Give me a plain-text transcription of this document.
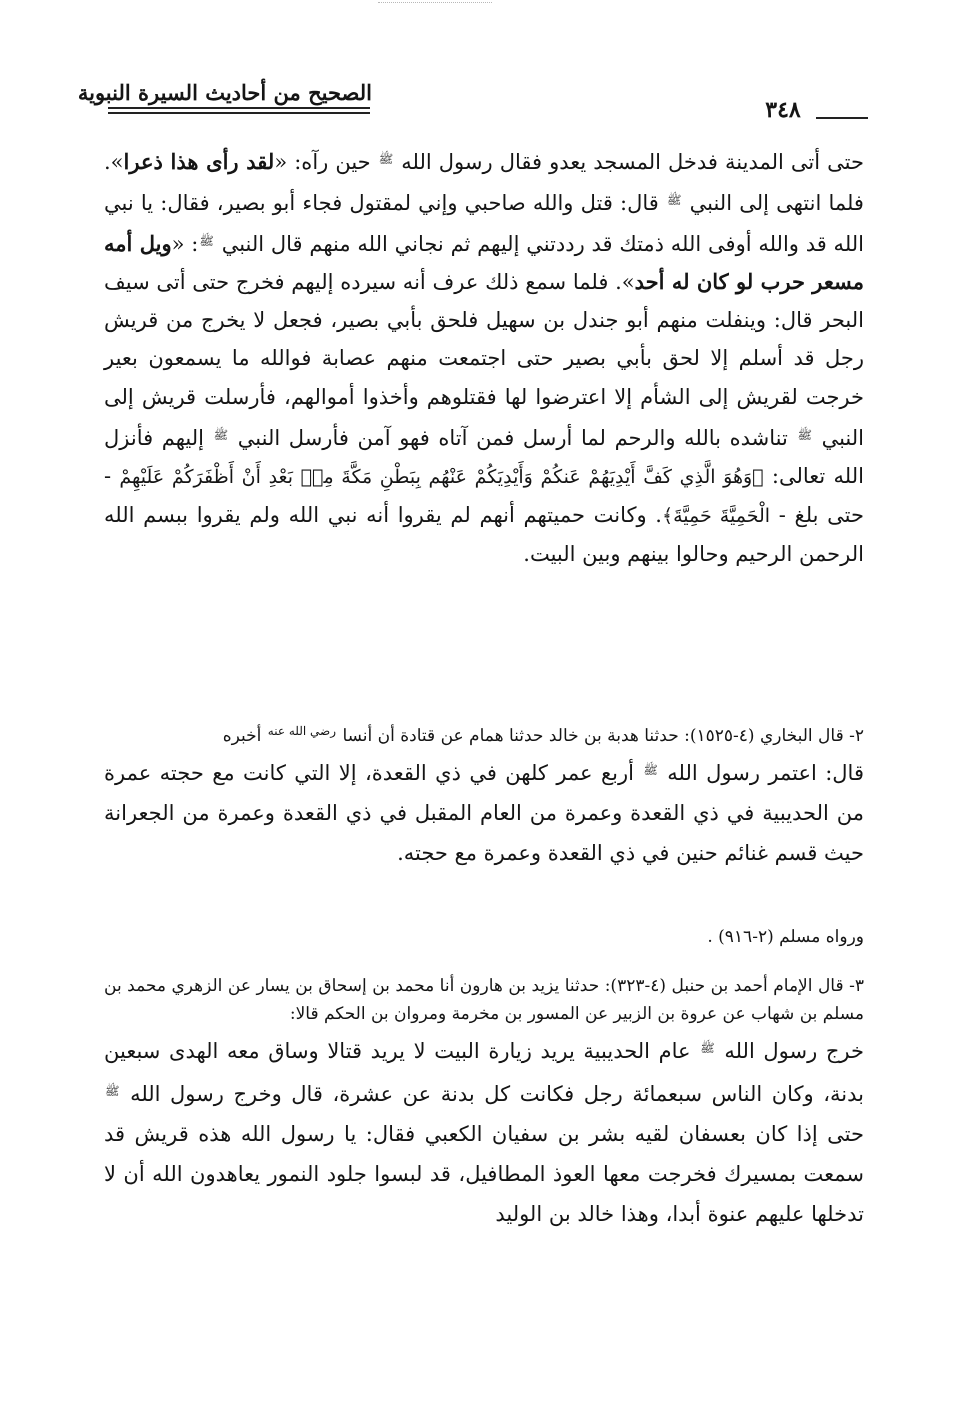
الصحيح من أحاديث السيرة النبوية
٣٤٨

حتى أتى المدينة فدخل المسجد يعدو فقال رسول الله $^ﷺ$ حين رآه: «لقد رأى هذا ذعرا». فلما انتهى إلى النبي $^ﷺ$ قال: قتل والله صاحبي وإني لمقتول فجاء أبو بصير، فقال: يا نبي الله قد والله أوفى الله ذمتك قد رددتني إليهم ثم نجاني الله منهم قال النبي $^ﷺ$: «ويل أمه مسعر حرب لو كان له أحد». فلما سمع ذلك عرف أنه سيرده إليهم فخرج حتى أتى سيف البحر قال: وينفلت منهم أبو جندل بن سهيل فلحق بأبي بصير، فجعل لا يخرج من قريش رجل قد أسلم إلا لحق بأبي بصير حتى اجتمعت منهم عصابة فوالله ما يسمعون بعير خرجت لقريش إلى الشأم إلا اعترضوا لها فقتلوهم وأخذوا أموالهم، فأرسلت قريش إلى النبي $^ﷺ$ تناشده بالله والرحم لما أرسل فمن آتاه فهو آمن فأرسل النبي $^ﷺ$ إليهم فأنزل الله تعالى: ﴿وَهُوَ الَّذِي كَفَّ أَيْدِيَهُمْ عَنكُمْ وَأَيْدِيَكُمْ عَنْهُم بِبَطْنِ مَكَّةَ مِنۢ بَعْدِ أَنْ أَظْفَرَكُمْ عَلَيْهِمْ - حتى بلغ - الْحَمِيَّةَ حَمِيَّةَ﴾. وكانت حميتهم أنهم لم يقروا أنه نبي الله ولم يقروا ببسم الله الرحمن الرحيم وحالوا بينهم وبين البيت.

٢- قال البخاري (٤-١٥٢٥): حدثنا هدبة بن خالد حدثنا همام عن قتادة أن أنسا $^{رضي الله عنه}$ أخبره

قال: اعتمر رسول الله $^ﷺ$ أربع عمر كلهن في ذي القعدة، إلا التي كانت مع حجته عمرة من الحديبية في ذي القعدة وعمرة من العام المقبل في ذي القعدة وعمرة من الجعرانة حيث قسم غنائم حنين في ذي القعدة وعمرة مع حجته.

ورواه مسلم (٢-٩١٦) .

٣- قال الإمام أحمد بن حنبل (٤-٣٢٣): حدثنا يزيد بن هارون أنا محمد بن إسحاق بن يسار عن الزهري محمد بن مسلم بن شهاب عن عروة بن الزبير عن المسور بن مخرمة ومروان بن الحكم قالا:

خرج رسول الله $^ﷺ$ عام الحديبية يريد زيارة البيت لا يريد قتالا وساق معه الهدى سبعين بدنة، وكان الناس سبعمائة رجل فكانت كل بدنة عن عشرة، قال وخرج رسول الله $^ﷺ$ حتى إذا كان بعسفان لقيه بشر بن سفيان الكعبي فقال: يا رسول الله هذه قريش قد سمعت بمسيرك فخرجت معها العوذ المطافيل، قد لبسوا جلود النمور يعاهدون الله أن لا تدخلها عليهم عنوة أبدا، وهذا خالد بن الوليد
